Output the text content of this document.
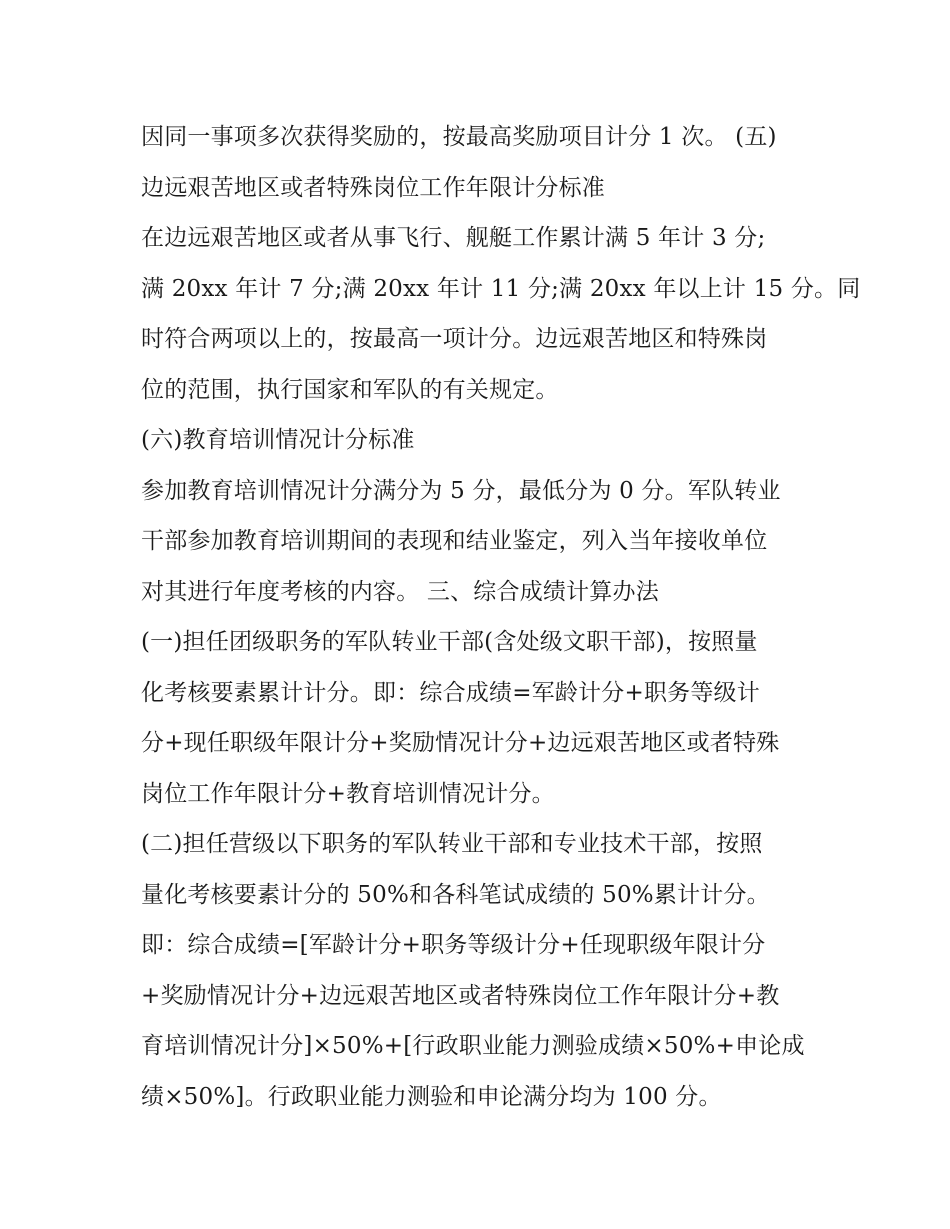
因同一事项多次获得奖励的，按最高奖励项目计分 1 次。 (五)
边远艰苦地区或者特殊岗位工作年限计分标准
在边远艰苦地区或者从事飞行、舰艇工作累计满 5 年计 3 分;
满 20xx 年计 7 分;满 20xx 年计 11 分;满 20xx 年以上计 15 分。同
时符合两项以上的，按最高一项计分。边远艰苦地区和特殊岗
位的范围，执行国家和军队的有关规定。
(六)教育培训情况计分标准
参加教育培训情况计分满分为 5 分，最低分为 0 分。军队转业
干部参加教育培训期间的表现和结业鉴定，列入当年接收单位
对其进行年度考核的内容。 三、综合成绩计算办法
(一)担任团级职务的军队转业干部(含处级文职干部)，按照量
化考核要素累计计分。即：综合成绩=军龄计分+职务等级计
分+现任职级年限计分+奖励情况计分+边远艰苦地区或者特殊
岗位工作年限计分+教育培训情况计分。
(二)担任营级以下职务的军队转业干部和专业技术干部，按照
量化考核要素计分的 50%和各科笔试成绩的 50%累计计分。
即：综合成绩=[军龄计分+职务等级计分+任现职级年限计分
+奖励情况计分+边远艰苦地区或者特殊岗位工作年限计分+教
育培训情况计分]×50%+[行政职业能力测验成绩×50%+申论成
绩×50%]。行政职业能力测验和申论满分均为 100 分。
